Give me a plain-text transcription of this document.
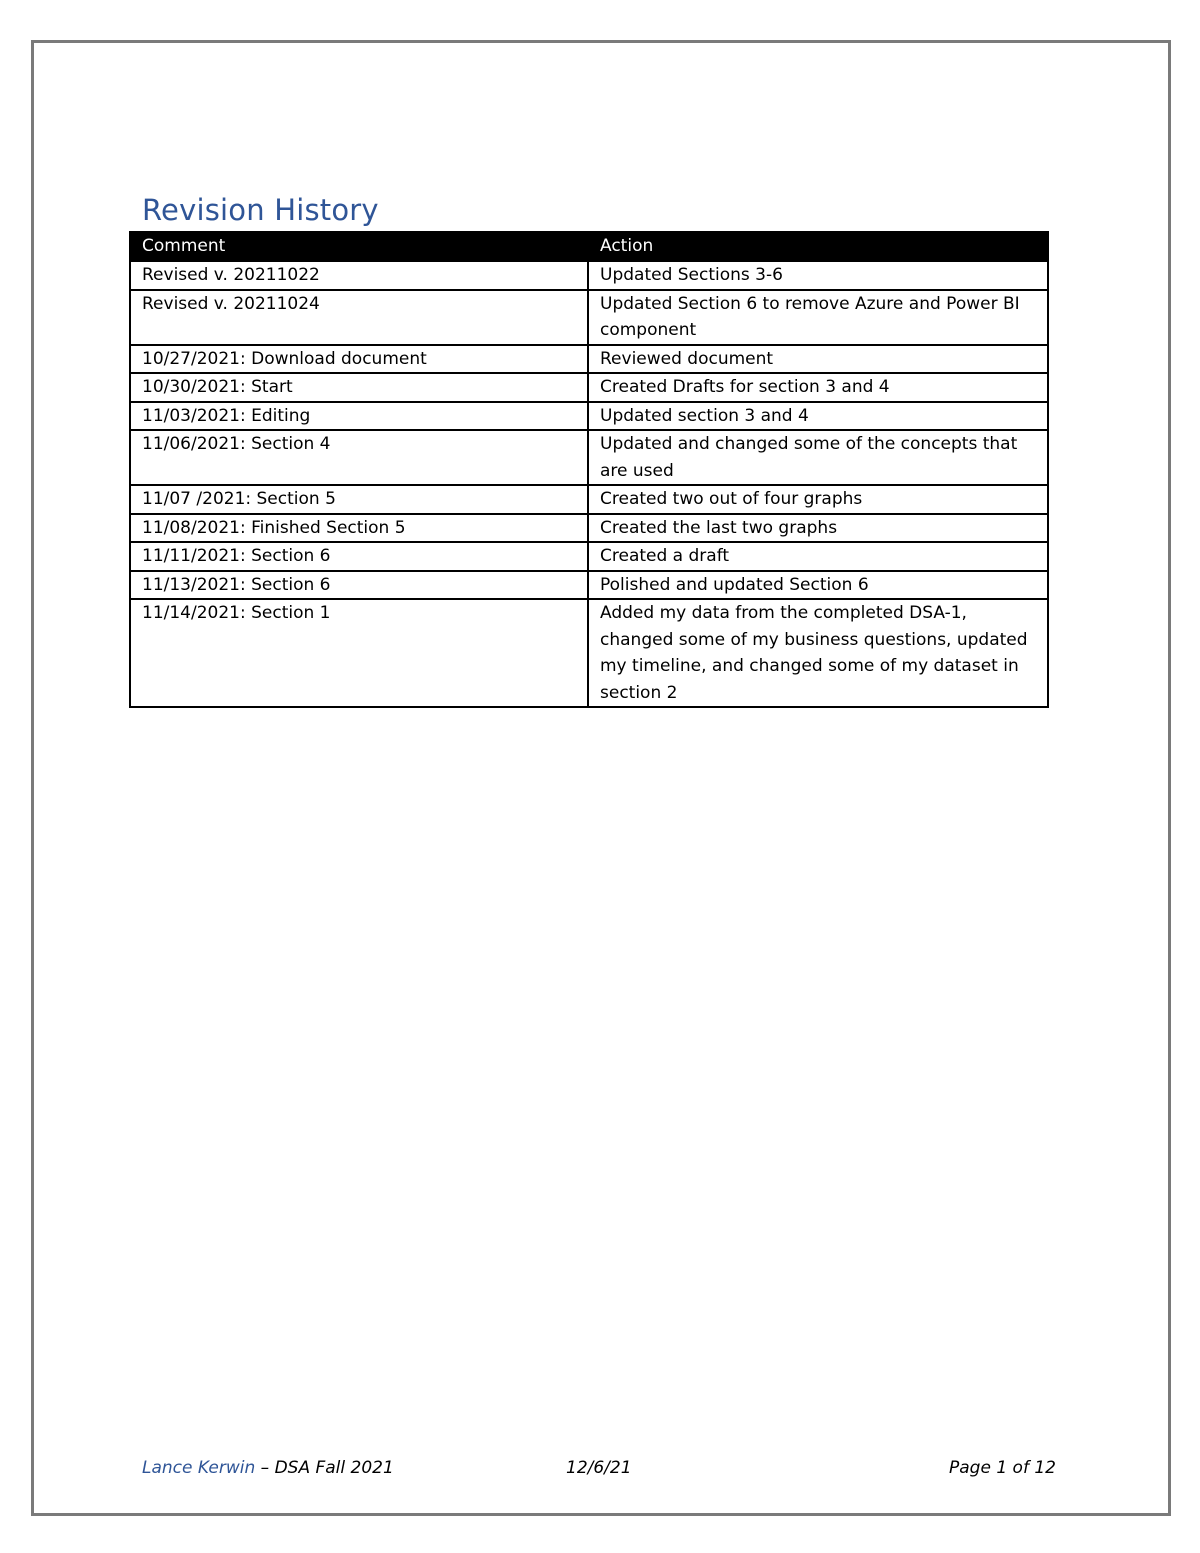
Revision History
Comment	Action
Revised v. 20211022	Updated Sections 3-6
Revised v. 20211024	Updated Section 6 to remove Azure and Power BI component
10/27/2021: Download document	Reviewed document
10/30/2021: Start	Created Drafts for section 3 and 4
11/03/2021: Editing	Updated section 3 and 4
11/06/2021: Section 4	Updated and changed some of the concepts that are used
11/07 /2021: Section 5	Created two out of four graphs
11/08/2021: Finished Section 5	Created the last two graphs
11/11/2021: Section 6	Created a draft
11/13/2021: Section 6	Polished and updated Section 6
11/14/2021: Section 1	Added my data from the completed DSA-1, changed some of my business questions, updated my timeline, and changed some of my dataset in section 2
Lance Kerwin – DSA Fall 2021	12/6/21	Page 1 of 12
